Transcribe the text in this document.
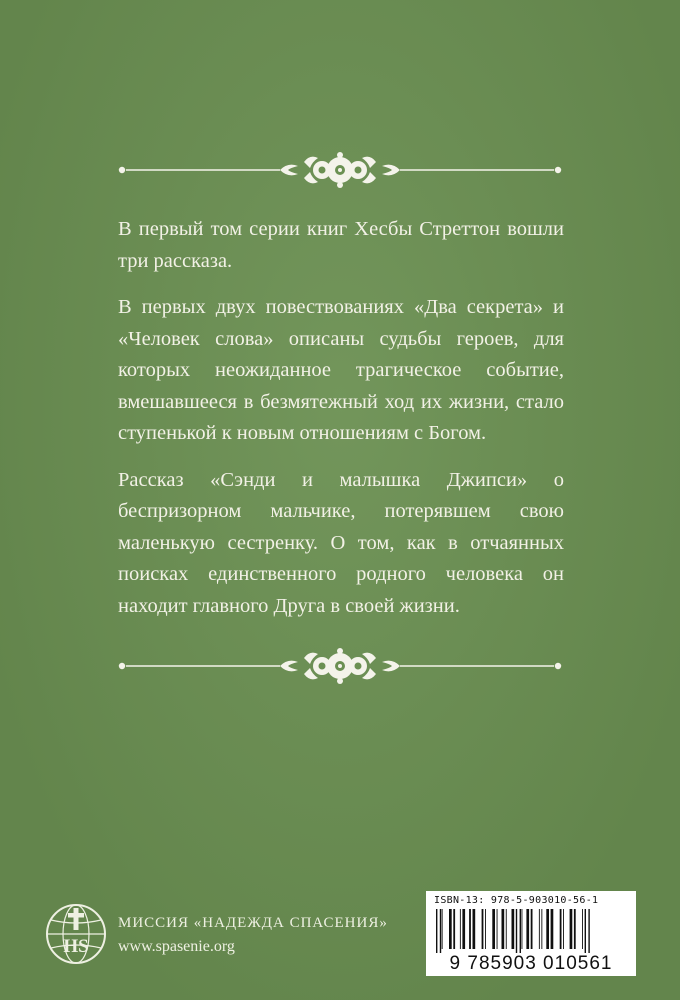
В первый том серии книг Хесбы Стреттон вошли три рассказа.

В первых двух повествованиях «Два секрета» и «Человек слова» описаны судьбы героев, для которых неожиданное трагическое событие, вмешавшееся в безмятежный ход их жизни, стало ступенькой к новым отношениям с Богом.

Рассказ «Сэнди и малышка Джипси» о беспризорном мальчике, потерявшем свою маленькую сестренку. О том, как в отчаянных поисках единственного родного человека он находит главного Друга в своей жизни.

HS
МИССИЯ «НАДЕЖДА СПАСЕНИЯ»
www.spasenie.org
ISBN-13: 978-5-903010-56-1
9 785903 010561
